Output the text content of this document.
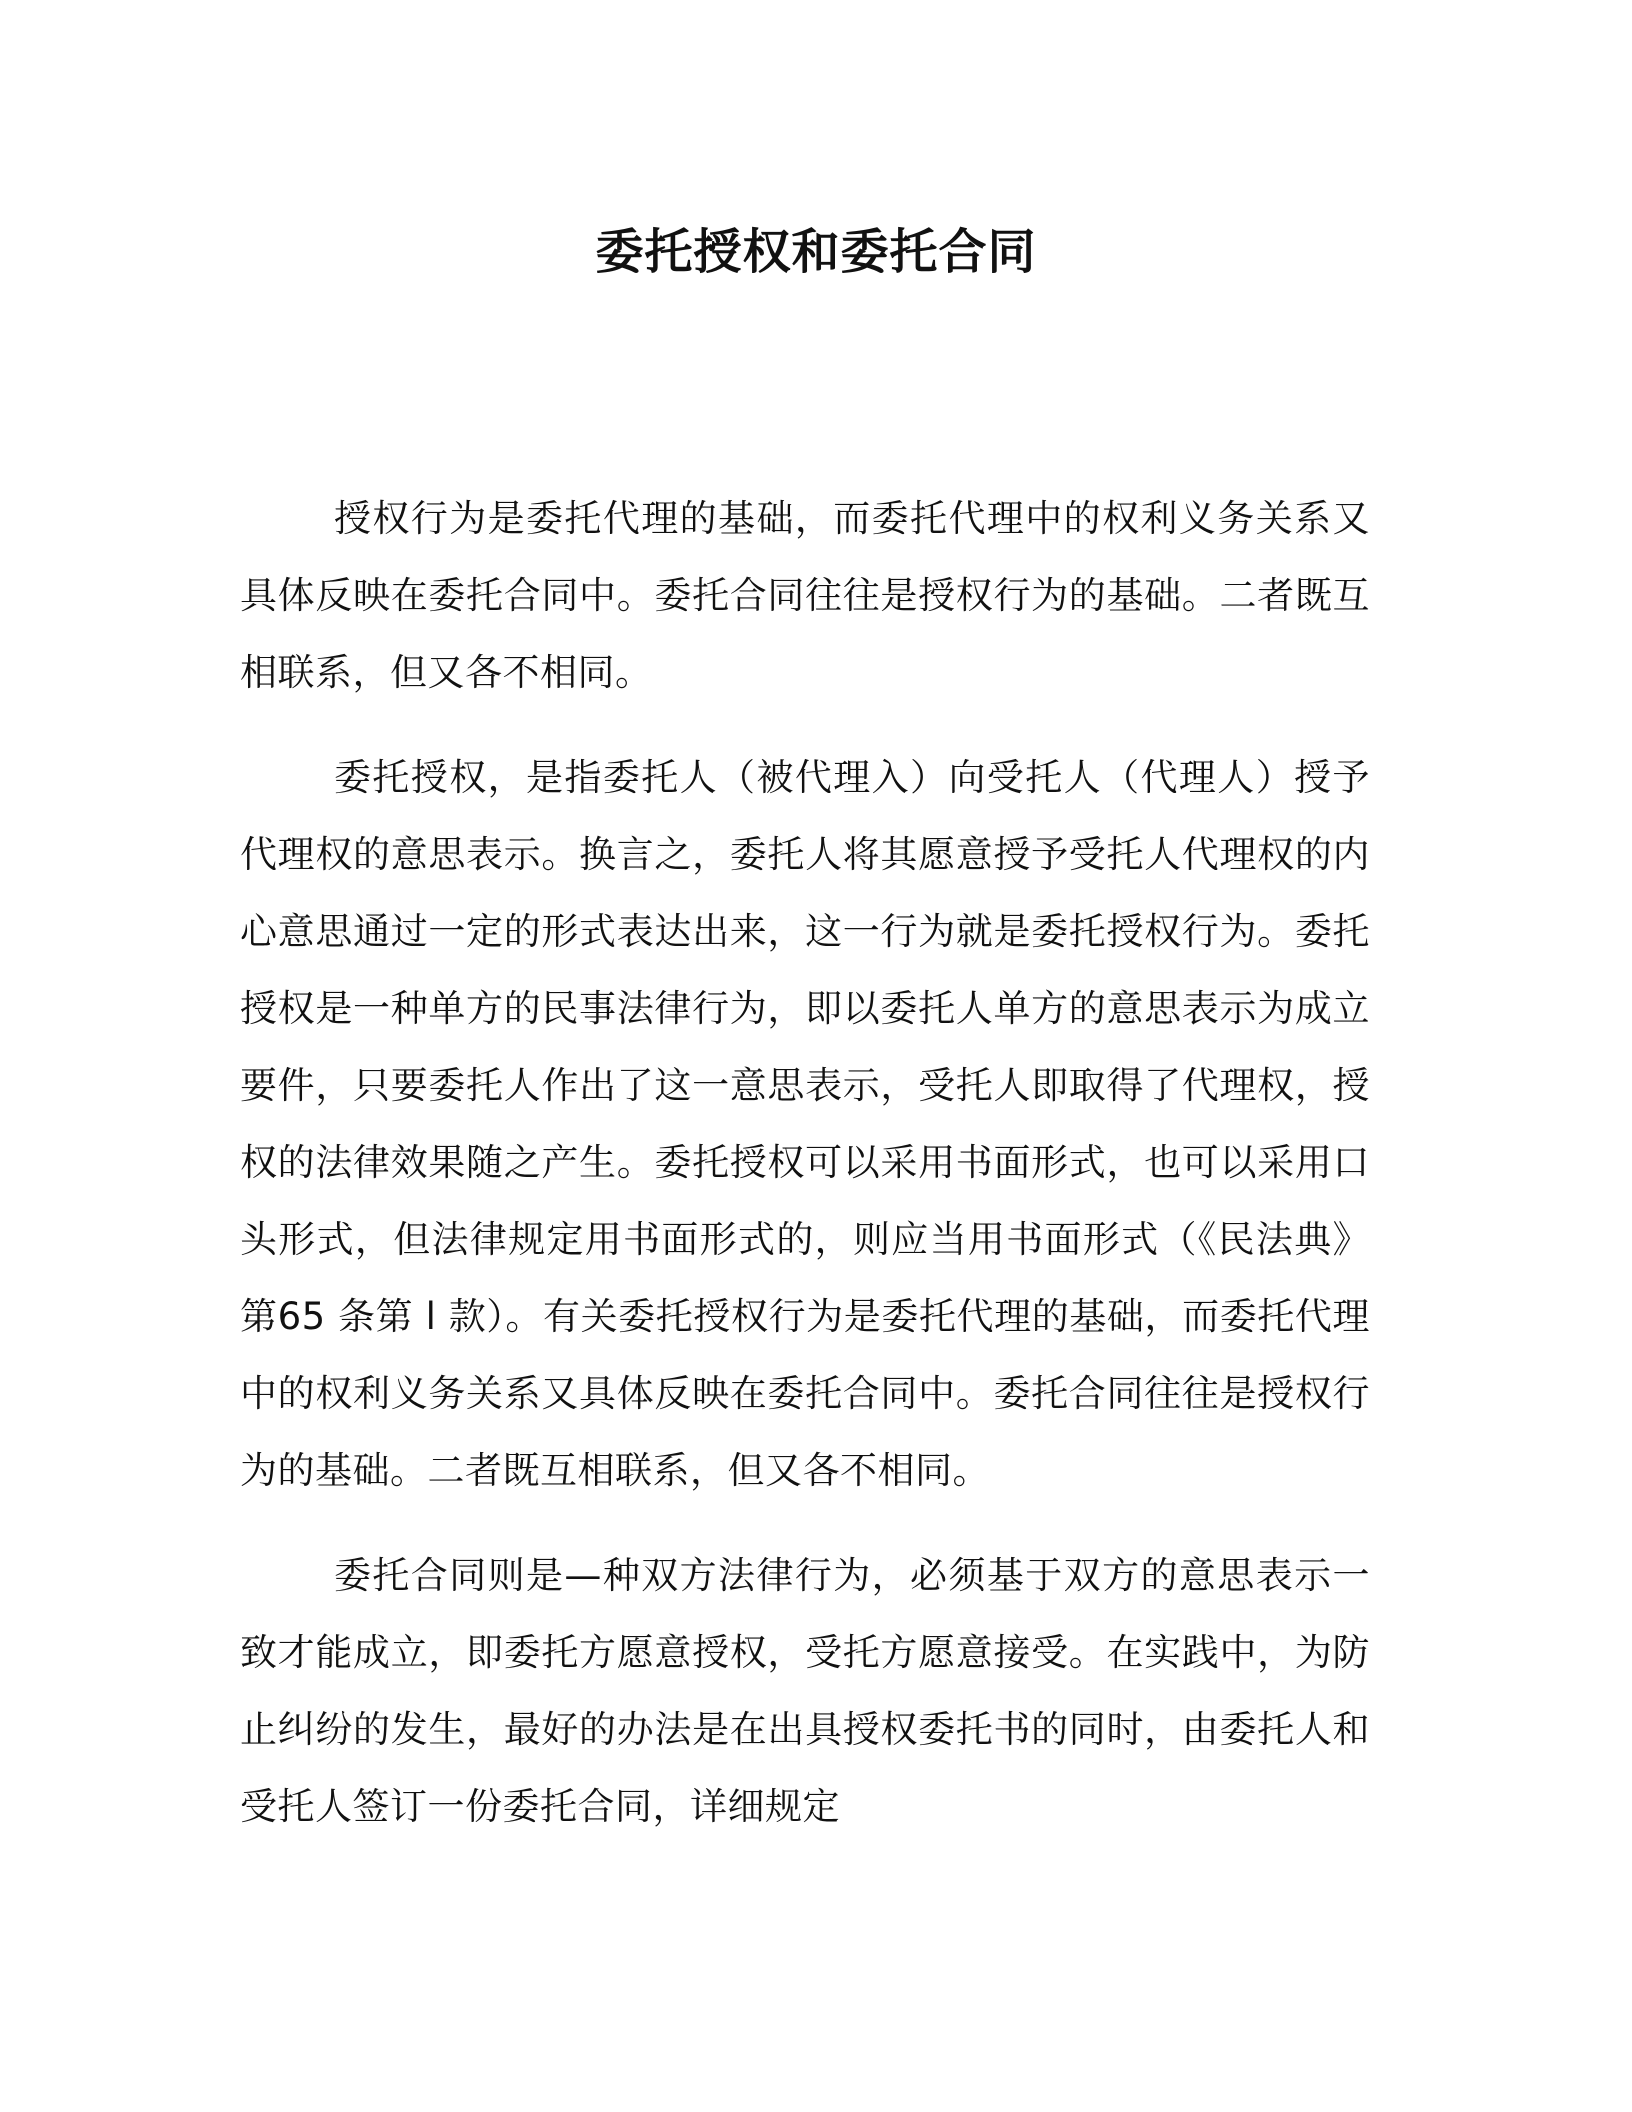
委托授权和委托合同

授权行为是委托代理的基础，而委托代理中的权利义务关系又具体反映在委托合同中。委托合同往往是授权行为的基础。二者既互相联系，但又各不相同。

委托授权，是指委托人（被代理入）向受托人（代理人）授予代理权的意思表示。换言之，委托人将其愿意授予受托人代理权的内心意思通过一定的形式表达出来，这一行为就是委托授权行为。委托授权是一种单方的民事法律行为，即以委托人单方的意思表示为成立要件，只要委托人作出了这一意思表示，受托人即取得了代理权，授权的法律效果随之产生。委托授权可以采用书面形式，也可以采用口头形式，但法律规定用书面形式的，则应当用书面形式（《民法典》第65 条第 l 款）。有关委托授权行为是委托代理的基础，而委托代理中的权利义务关系又具体反映在委托合同中。委托合同往往是授权行为的基础。二者既互相联系，但又各不相同。

委托合同则是—种双方法律行为，必须基于双方的意思表示一致才能成立，即委托方愿意授权，受托方愿意接受。在实践中，为防止纠纷的发生，最好的办法是在出具授权委托书的同时，由委托人和受托人签订一份委托合同，详细规定
